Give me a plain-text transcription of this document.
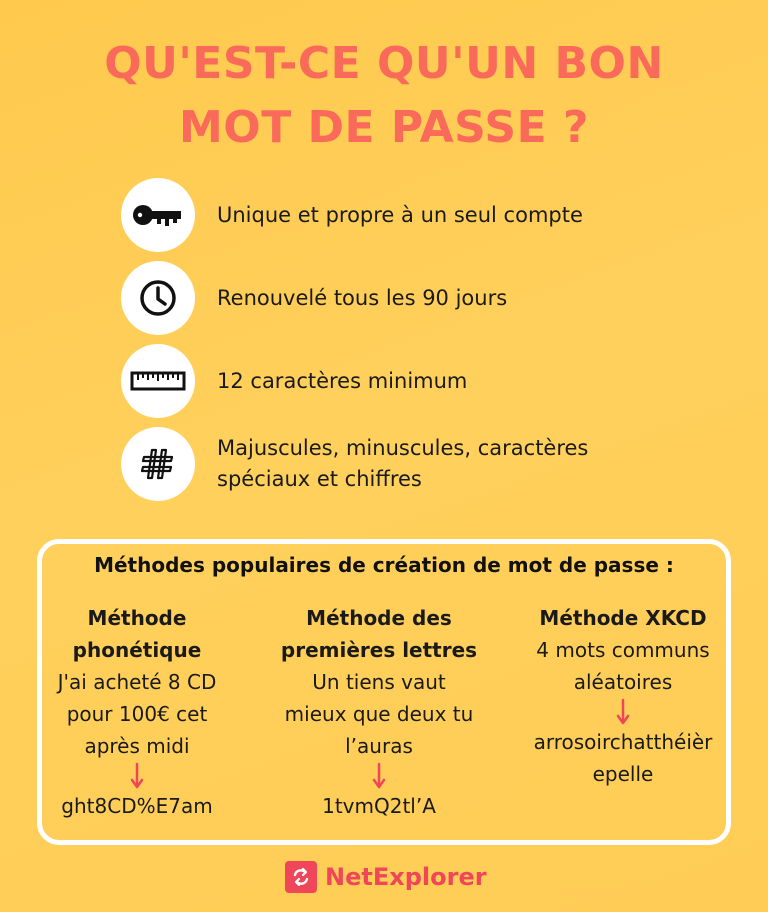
QU'EST-CE QU'UN BON
MOT DE PASSE ?
Unique et propre à un seul compte
Renouvelé tous les 90 jours
12 caractères minimum
Majuscules, minuscules, caractères spéciaux et chiffres
Méthodes populaires de création de mot de passe :
Méthode
phonétique
J'ai acheté 8 CD
pour 100€ cet
après midi
ght8CD%E7am
Méthode des
premières lettres
Un tiens vaut
mieux que deux tu
l’auras
1tvmQ2tl’A
Méthode XKCD
4 mots communs
aléatoires
arrosoirchatthéièr
epelle
NetExplorer
